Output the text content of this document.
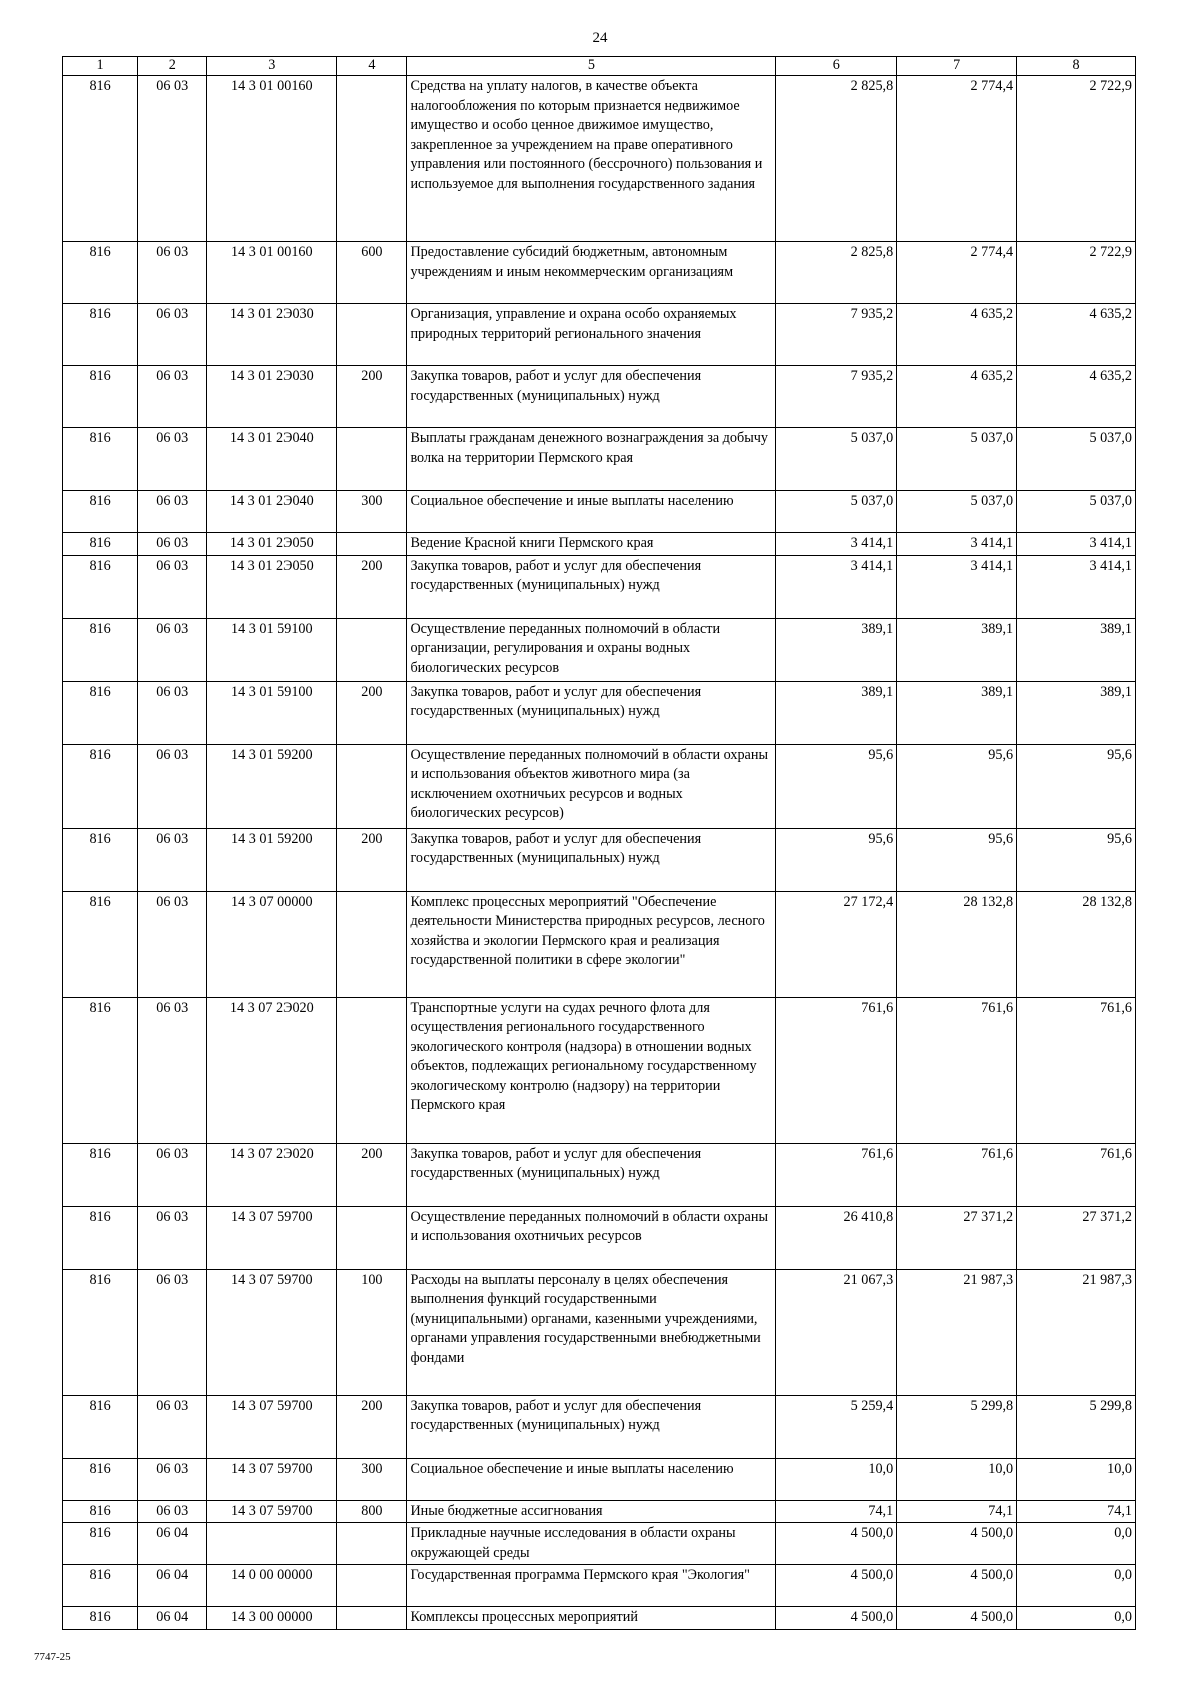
24
1	2	3	4	5	6	7	8
816	06 03	14 3 01 00160		Средства на уплату налогов, в качестве объекта налогообложения по которым признается недвижимое имущество и особо ценное движимое имущество, закрепленное за учреждением на праве оперативного управления или постоянного (бессрочного) пользования и используемое для выполнения государственного задания	2 825,8	2 774,4	2 722,9
816	06 03	14 3 01 00160	600	Предоставление субсидий бюджетным, автономным учреждениям и иным некоммерческим организациям	2 825,8	2 774,4	2 722,9
816	06 03	14 3 01 2Э030		Организация, управление и охрана особо охраняемых природных территорий регионального значения	7 935,2	4 635,2	4 635,2
816	06 03	14 3 01 2Э030	200	Закупка товаров, работ и услуг для обеспечения государственных (муниципальных) нужд	7 935,2	4 635,2	4 635,2
816	06 03	14 3 01 2Э040		Выплаты гражданам денежного вознаграждения за добычу волка на территории Пермского края	5 037,0	5 037,0	5 037,0
816	06 03	14 3 01 2Э040	300	Социальное обеспечение и иные выплаты населению	5 037,0	5 037,0	5 037,0
816	06 03	14 3 01 2Э050		Ведение Красной книги Пермского края	3 414,1	3 414,1	3 414,1
816	06 03	14 3 01 2Э050	200	Закупка товаров, работ и услуг для обеспечения государственных (муниципальных) нужд	3 414,1	3 414,1	3 414,1
816	06 03	14 3 01 59100		Осуществление переданных полномочий в области организации, регулирования и охраны водных биологических ресурсов	389,1	389,1	389,1
816	06 03	14 3 01 59100	200	Закупка товаров, работ и услуг для обеспечения государственных (муниципальных) нужд	389,1	389,1	389,1
816	06 03	14 3 01 59200		Осуществление переданных полномочий в области охраны и использования объектов животного мира (за исключением охотничьих ресурсов и водных биологических ресурсов)	95,6	95,6	95,6
816	06 03	14 3 01 59200	200	Закупка товаров, работ и услуг для обеспечения государственных (муниципальных) нужд	95,6	95,6	95,6
816	06 03	14 3 07 00000		Комплекс процессных мероприятий "Обеспечение деятельности Министерства природных ресурсов, лесного хозяйства и экологии Пермского края и реализация государственной политики в сфере экологии"	27 172,4	28 132,8	28 132,8
816	06 03	14 3 07 2Э020		Транспортные услуги на судах речного флота для осуществления регионального государственного экологического контроля (надзора) в отношении водных объектов, подлежащих региональному государственному экологическому контролю (надзору) на территории Пермского края	761,6	761,6	761,6
816	06 03	14 3 07 2Э020	200	Закупка товаров, работ и услуг для обеспечения государственных (муниципальных) нужд	761,6	761,6	761,6
816	06 03	14 3 07 59700		Осуществление переданных полномочий в области охраны и использования охотничьих ресурсов	26 410,8	27 371,2	27 371,2
816	06 03	14 3 07 59700	100	Расходы на выплаты персоналу в целях обеспечения выполнения функций государственными (муниципальными) органами, казенными учреждениями, органами управления государственными внебюджетными фондами	21 067,3	21 987,3	21 987,3
816	06 03	14 3 07 59700	200	Закупка товаров, работ и услуг для обеспечения государственных (муниципальных) нужд	5 259,4	5 299,8	5 299,8
816	06 03	14 3 07 59700	300	Социальное обеспечение и иные выплаты населению	10,0	10,0	10,0
816	06 03	14 3 07 59700	800	Иные бюджетные ассигнования	74,1	74,1	74,1
816	06 04			Прикладные научные исследования в области охраны окружающей среды	4 500,0	4 500,0	0,0
816	06 04	14 0 00 00000		Государственная программа Пермского края "Экология"	4 500,0	4 500,0	0,0
816	06 04	14 3 00 00000		Комплексы процессных мероприятий	4 500,0	4 500,0	0,0
7747-25
